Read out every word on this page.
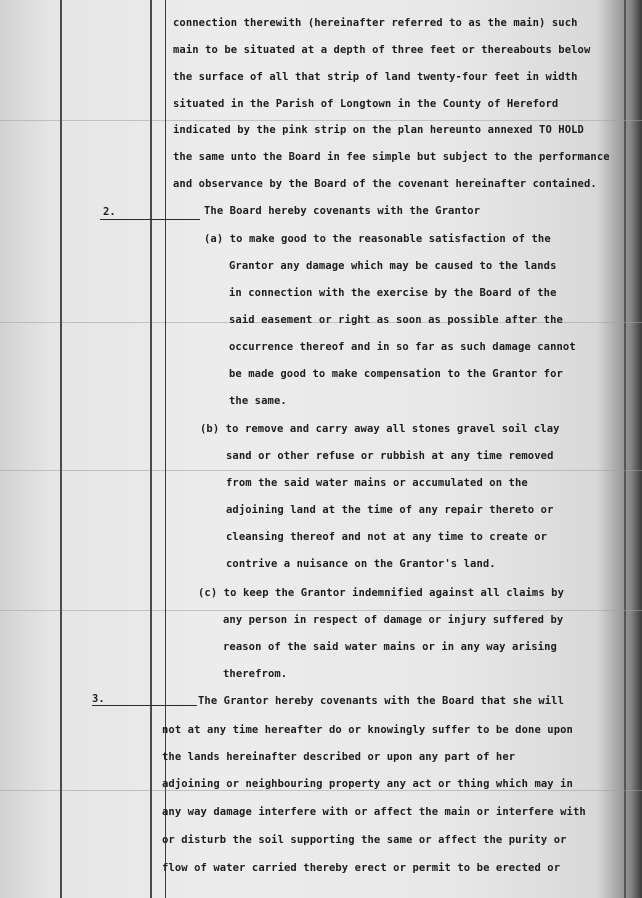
2.
3.

connection therewith (hereinafter referred to as the main) such

main to be situated at a depth of three feet or thereabouts below

the surface of all that strip of land twenty-four feet in width

situated in the Parish of Longtown in the County of Hereford

indicated by the pink strip on the plan hereunto annexed TO HOLD

the same unto the Board in fee simple but subject to the performance

and observance by the Board of the covenant hereinafter contained.

The Board hereby covenants with the Grantor

(a) to make good to the reasonable satisfaction of the

Grantor any damage which may be caused to the lands

in connection with the exercise by the Board of the

said easement or right as soon as possible after the

occurrence thereof and in so far as such damage cannot

be made good to make compensation to the Grantor for

the same.

(b) to remove and carry away all stones gravel soil clay

sand or other refuse or rubbish at any time removed

from the said water mains or accumulated on the

adjoining land at the time of any repair thereto or

cleansing thereof and not at any time to create or

contrive a nuisance on the Grantor's land.

(c) to keep the Grantor indemnified against all claims by

any person in respect of damage or injury suffered by

reason of the said water mains or in any way arising

therefrom.

The Grantor hereby covenants with the Board that she will

not at any time hereafter do or knowingly suffer to be done upon

the lands hereinafter described or upon any part of her

adjoining or neighbouring property any act or thing which may in

any way damage interfere with or affect the main or interfere with

or disturb the soil supporting the same or affect the purity or

flow of water carried thereby erect or permit to be erected or
